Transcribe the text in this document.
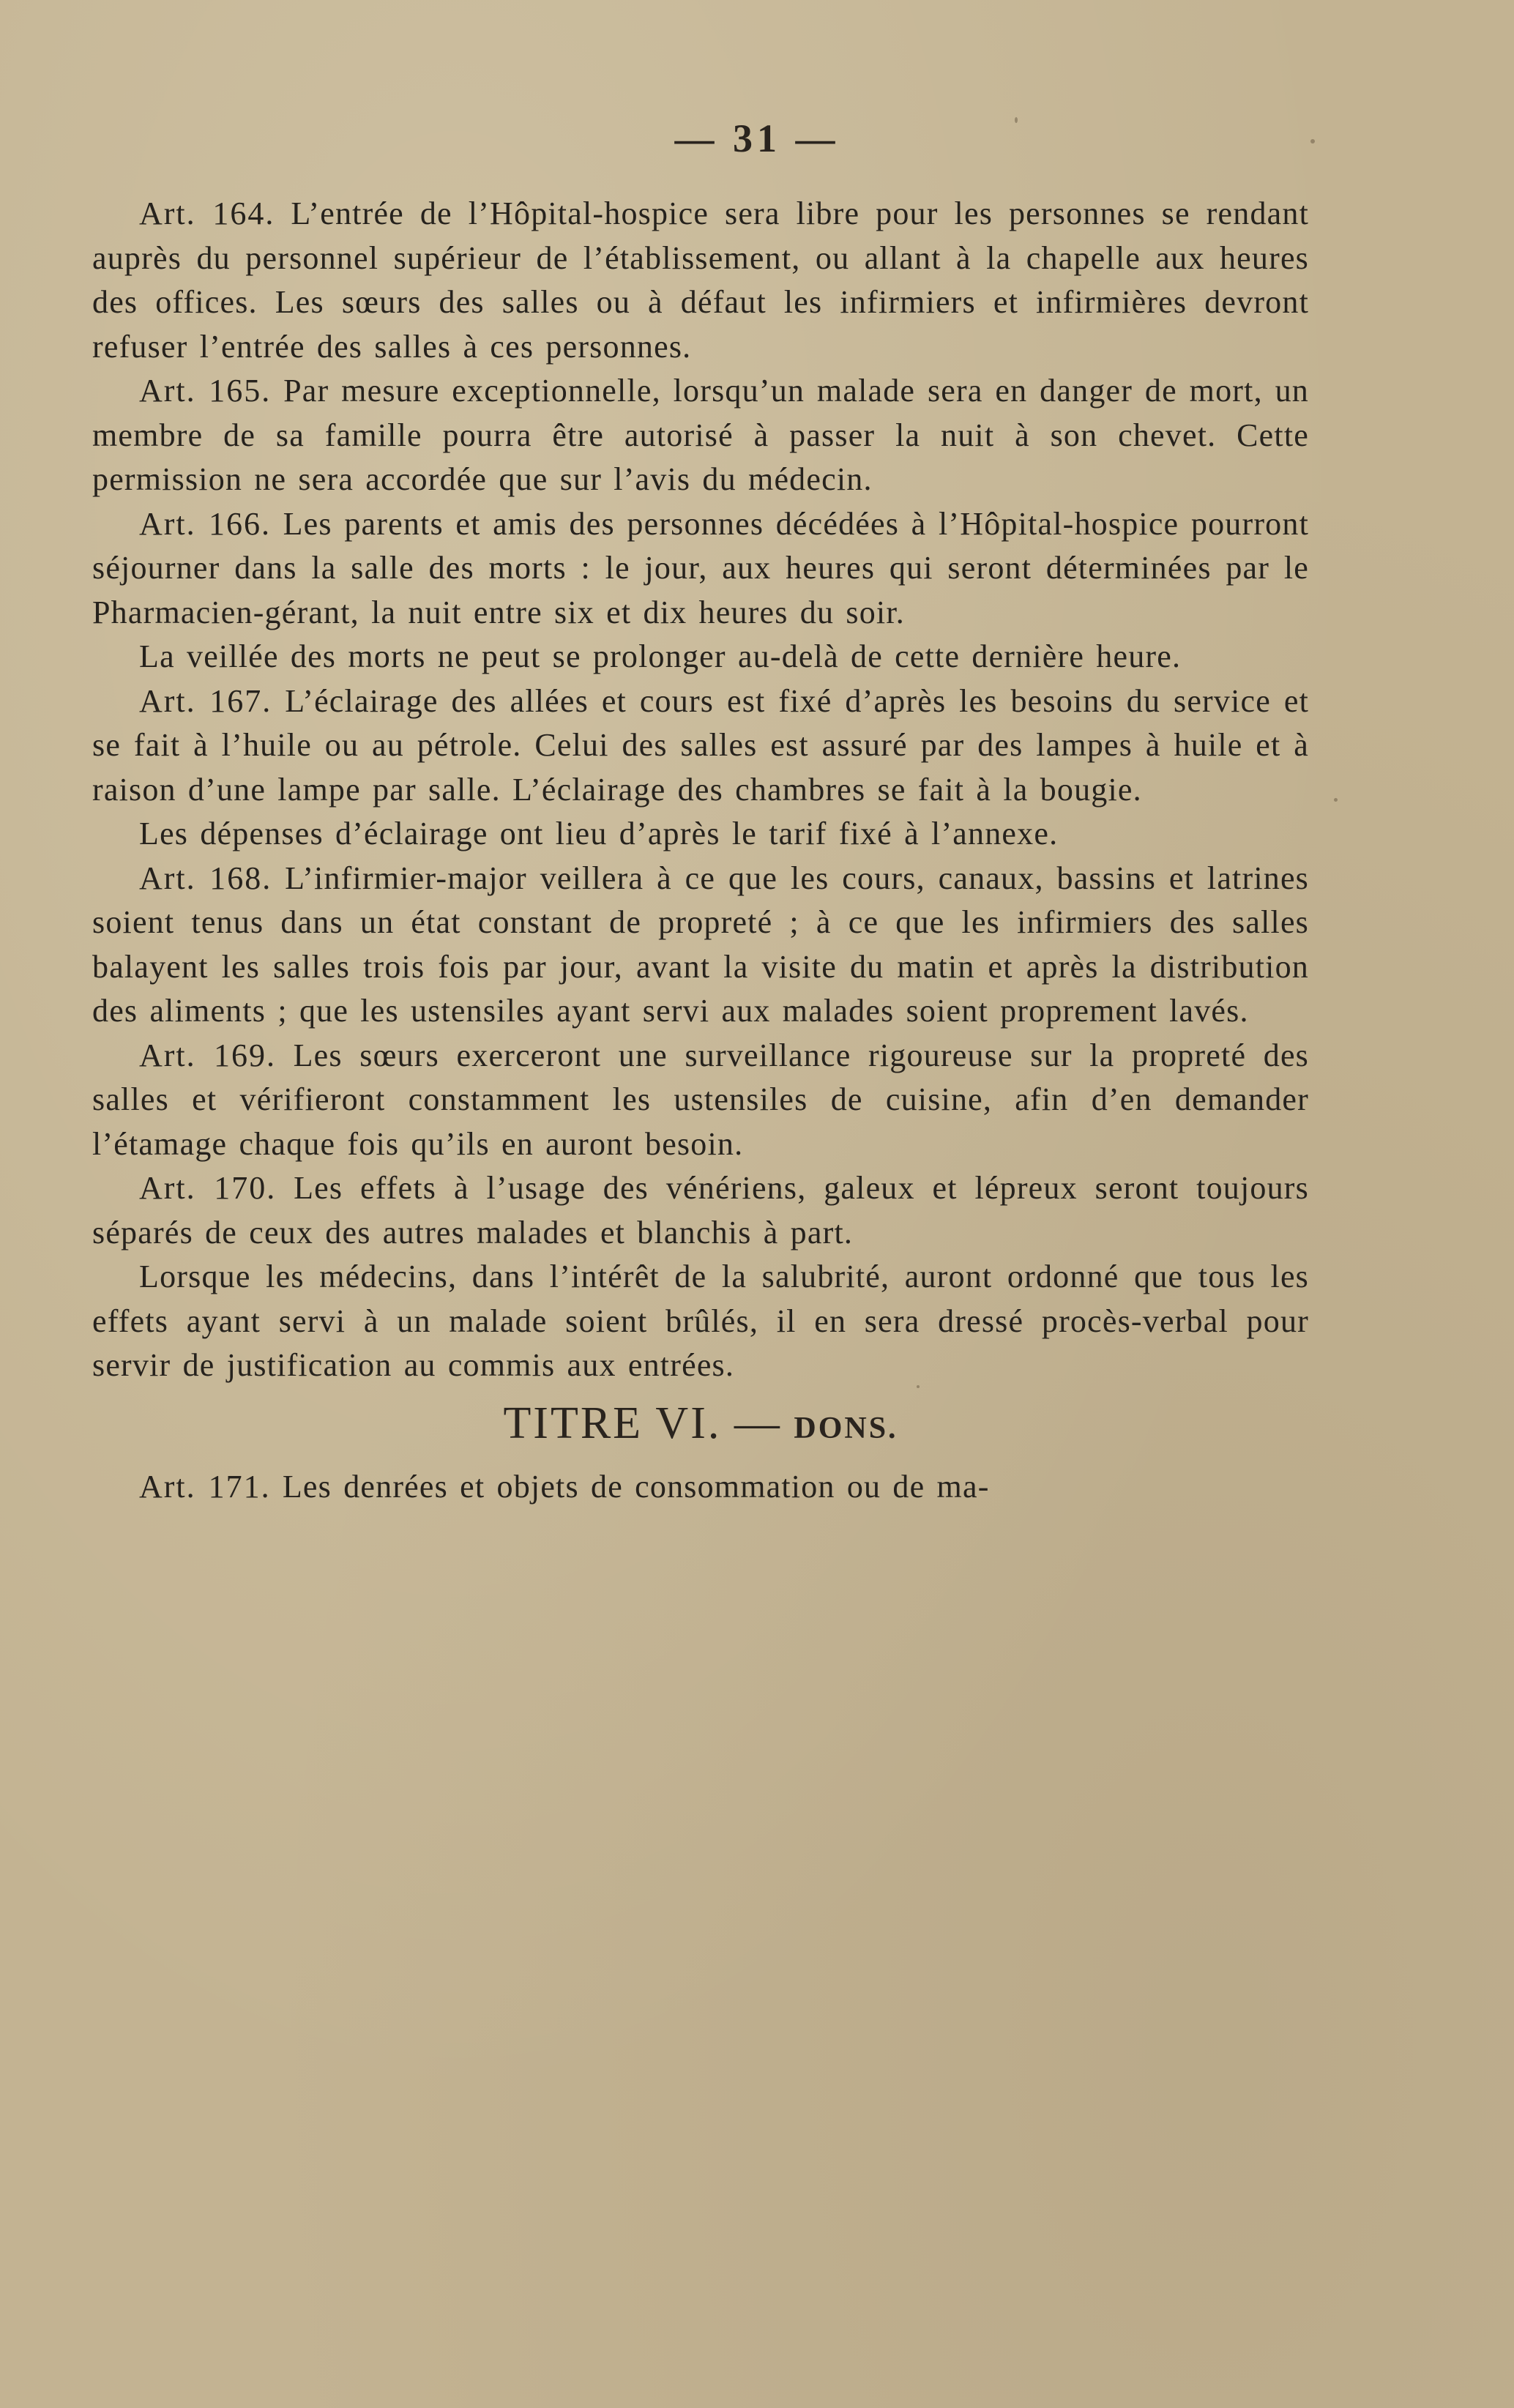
— 31 —

Art. 164. L’entrée de l’Hôpital-hospice sera libre pour les personnes se rendant auprès du personnel supérieur de l’établissement, ou allant à la chapelle aux heures des offices. Les sœurs des salles ou à défaut les infirmiers et infirmières devront refuser l’entrée des salles à ces personnes.

Art. 165. Par mesure exceptionnelle, lorsqu’un malade sera en danger de mort, un membre de sa famille pourra être autorisé à passer la nuit à son chevet. Cette permission ne sera accordée que sur l’avis du médecin.

Art. 166. Les parents et amis des personnes décédées à l’Hôpital-hospice pourront séjourner dans la salle des morts : le jour, aux heures qui seront déterminées par le Pharmacien-gérant, la nuit entre six et dix heures du soir.

La veillée des morts ne peut se prolonger au-delà de cette dernière heure.

Art. 167. L’éclairage des allées et cours est fixé d’après les besoins du service et se fait à l’huile ou au pétrole. Celui des salles est assuré par des lampes à huile et à raison d’une lampe par salle. L’éclairage des chambres se fait à la bougie.

Les dépenses d’éclairage ont lieu d’après le tarif fixé à l’annexe.

Art. 168. L’infirmier-major veillera à ce que les cours, canaux, bassins et latrines soient tenus dans un état constant de propreté ; à ce que les infirmiers des salles balayent les salles trois fois par jour, avant la visite du matin et après la distribution des aliments ; que les ustensiles ayant servi aux malades soient proprement lavés.

Art. 169. Les sœurs exerceront une surveillance rigoureuse sur la propreté des salles et vérifieront constamment les ustensiles de cuisine, afin d’en demander l’étamage chaque fois qu’ils en auront besoin.

Art. 170. Les effets à l’usage des vénériens, galeux et lépreux seront toujours séparés de ceux des autres malades et blanchis à part.

Lorsque les médecins, dans l’intérêt de la salubrité, auront ordonné que tous les effets ayant servi à un malade soient brûlés, il en sera dressé procès-verbal pour servir de justification au commis aux entrées.

TITRE VI. — DONS.

Art. 171. Les denrées et objets de consommation ou de ma-
